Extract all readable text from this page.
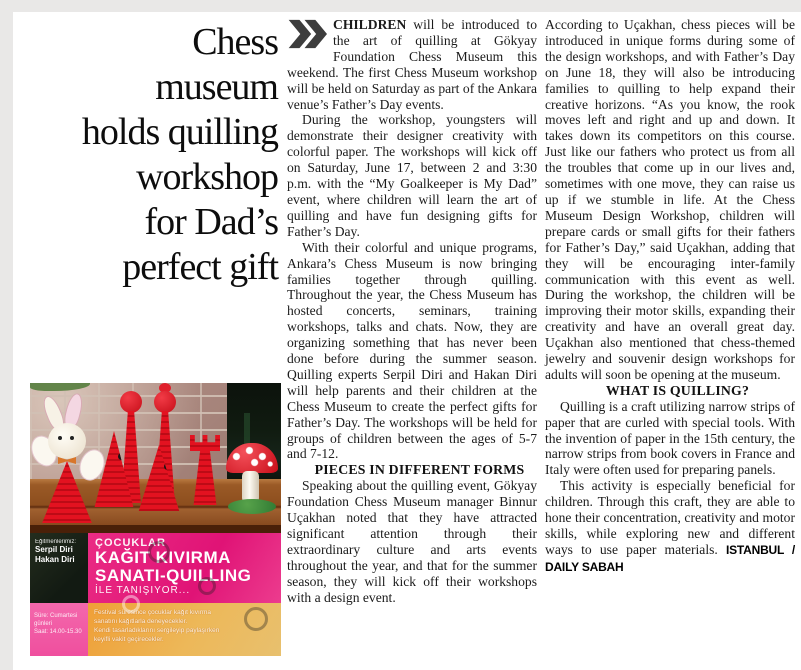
Chess
museum
holds quilling
workshop
for Dad’s
perfect gift
Eğitmenlerimiz:
Serpil Diri
Hakan Diri
Süre: Cumartesi
günleri
Saat: 14.00-15.30
ÇOCUKLAR
KAĞIT KIVIRMA
SANATI-QUILLING
İLE TANIŞIYOR...
Festival süresince çocuklar kağıt kıvırma
sanatını kağıtlarla deneyecekler.
Kendi tasarladıklarını sergileyip paylaşırken
keyifli vakit geçirecekler.

CHILDREN will be introduced to the art of quilling at Gökyay Foundation Chess Museum this weekend. The first Chess Museum workshop will be held on Saturday as part of the Ankara venue’s Father’s Day events.

During the workshop, youngsters will demonstrate their designer creativity with colorful paper. The workshops will kick off on Saturday, June 17, between 2 and 3:30 p.m. with the “My Goalkeeper is My Dad” event, where children will learn the art of quilling and have fun designing gifts for Father’s Day.

With their colorful and unique programs, Ankara’s Chess Museum is now bringing families together through quilling. Throughout the year, the Chess Museum has hosted concerts, seminars, training workshops, talks and chats. Now, they are organizing something that has never been done before during the summer season. Quilling experts Serpil Diri and Hakan Diri will help parents and their children at the Chess Museum to create the perfect gifts for Father’s Day. The workshops will be held for groups of children between the ages of 5-7 and 7-12.

PIECES IN DIFFERENT FORMS

Speaking about the quilling event, Gökyay Foundation Chess Museum manager Binnur Uçakhan noted that they have attracted significant attention through their extraordinary culture and arts events throughout the year, and that for the summer season, they will kick off their workshops with a design event.

According to Uçakhan, chess pieces will be introduced in unique forms during some of the design workshops, and with Father’s Day on June 18, they will also be introducing families to quilling to help expand their creative horizons. “As you know, the rook moves left and right and up and down. It takes down its competitors on this course. Just like our fathers who protect us from all the troubles that come up in our lives and, sometimes with one move, they can raise us up if we stumble in life. At the Chess Museum Design Workshop, children will prepare cards or small gifts for their fathers for Father’s Day,” said Uçakhan, adding that they will be encouraging inter-family communication with this event as well. During the workshop, the children will be improving their motor skills, expanding their creativity and have an overall great day. Uçakhan also mentioned that chess-themed jewelry and souvenir design workshops for adults will soon be opening at the museum.

WHAT IS QUILLING?

Quilling is a craft utilizing narrow strips of paper that are curled with special tools. With the invention of paper in the 15th century, the narrow strips from book covers in France and Italy were often used for preparing panels.

This activity is especially beneficial for children. Through this craft, they are able to hone their concentration, creativity and motor skills, while exploring new and different ways to use paper materials. ISTANBUL / DAILY SABAH
